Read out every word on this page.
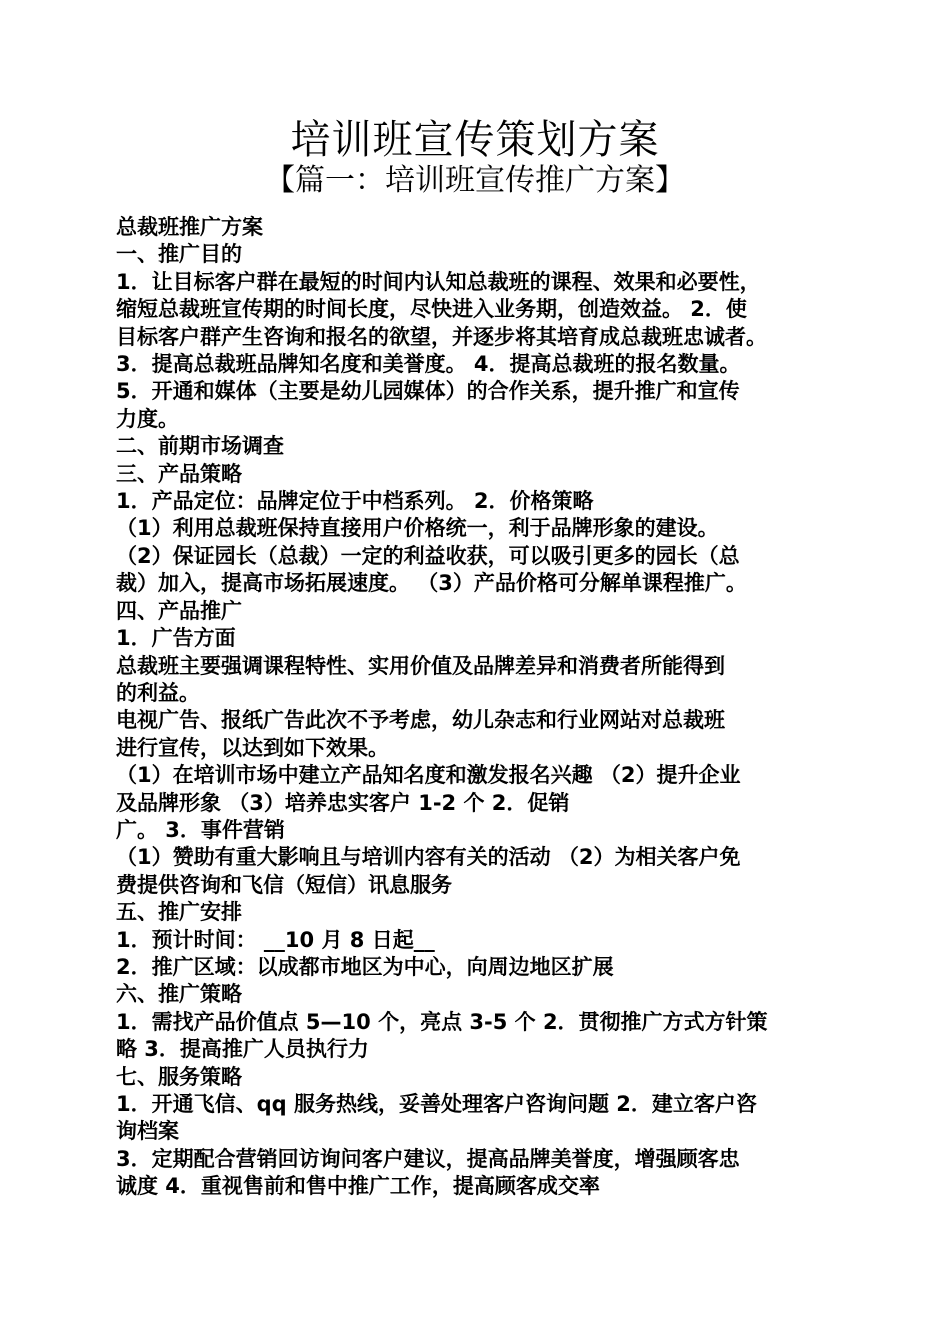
培训班宣传策划方案
【篇一：培训班宣传推广方案】

总裁班推广方案

一、推广目的

1．让目标客户群在最短的时间内认知总裁班的课程、效果和必要性，

缩短总裁班宣传期的时间长度，尽快进入业务期，创造效益。 2．使

目标客户群产生咨询和报名的欲望，并逐步将其培育成总裁班忠诚者。

3．提高总裁班品牌知名度和美誉度。 4．提高总裁班的报名数量。

5．开通和媒体（主要是幼儿园媒体）的合作关系，提升推广和宣传

力度。

二、前期市场调查

三、产品策略

1．产品定位：品牌定位于中档系列。 2．价格策略

（1）利用总裁班保持直接用户价格统一，利于品牌形象的建设。

（2）保证园长（总裁）一定的利益收获，可以吸引更多的园长（总

裁）加入，提高市场拓展速度。 （3）产品价格可分解单课程推广。

四、产品推广

1．广告方面

总裁班主要强调课程特性、实用价值及品牌差异和消费者所能得到

的利益。

电视广告、报纸广告此次不予考虑，幼儿杂志和行业网站对总裁班

进行宣传，以达到如下效果。

（1）在培训市场中建立产品知名度和激发报名兴趣 （2）提升企业

及品牌形象 （3）培养忠实客户 1-2 个 2．促销

广。 3．事件营销

（1）赞助有重大影响且与培训内容有关的活动 （2）为相关客户免

费提供咨询和飞信（短信）讯息服务

五、推广安排

1．预计时间： __10 月 8 日起__

2．推广区域：以成都市地区为中心，向周边地区扩展

六、推广策略

1．需找产品价值点 5—10 个，亮点 3-5 个 2．贯彻推广方式方针策

略 3．提高推广人员执行力

七、服务策略

1．开通飞信、qq 服务热线，妥善处理客户咨询问题 2．建立客户咨

询档案

3．定期配合营销回访询问客户建议，提高品牌美誉度，增强顾客忠

诚度 4．重视售前和售中推广工作，提高顾客成交率
